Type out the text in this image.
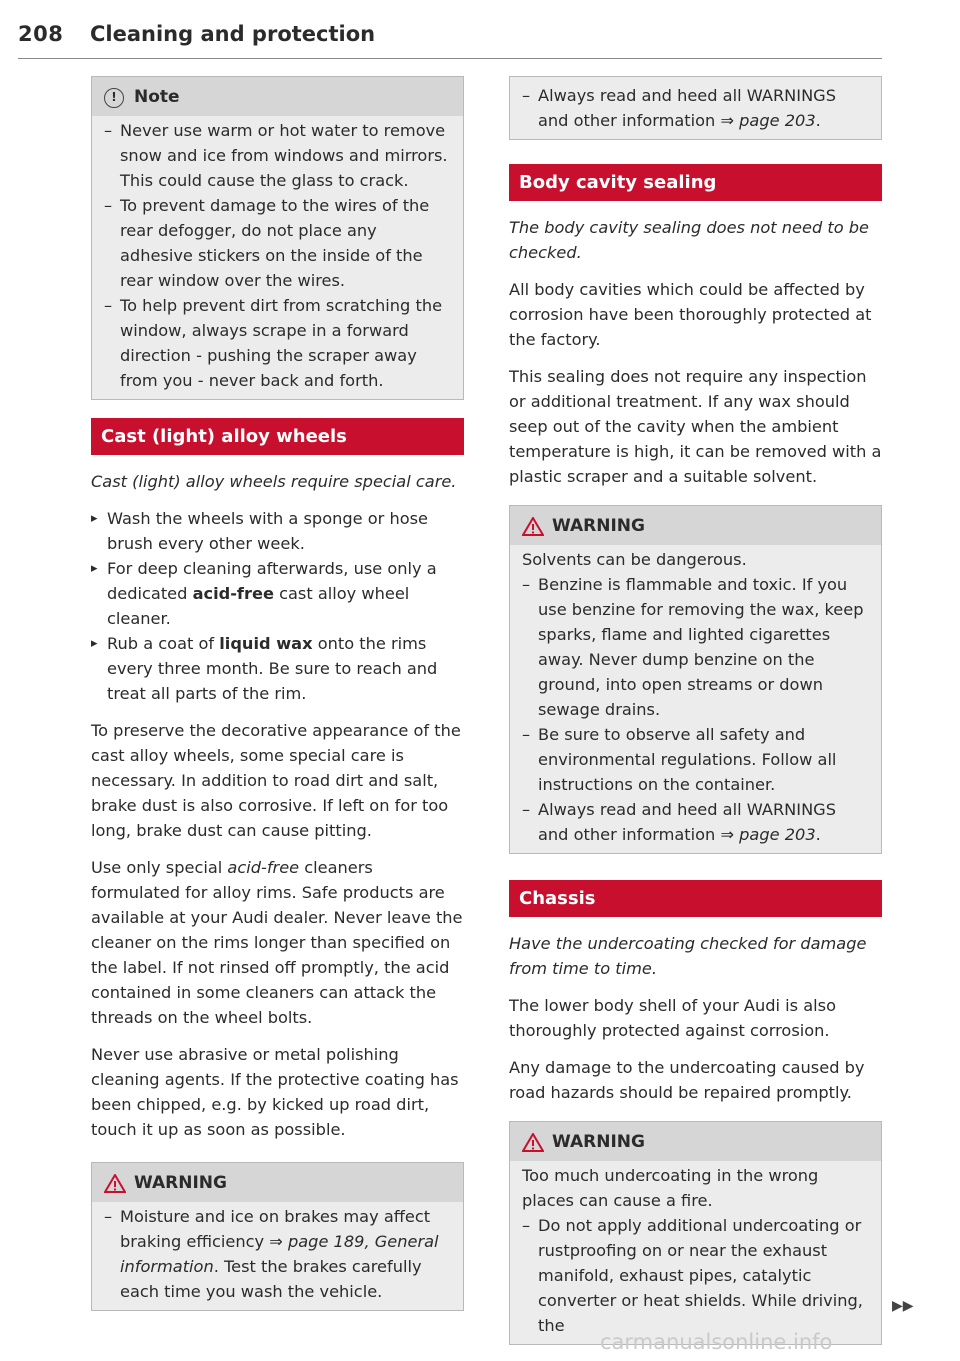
208 Cleaning and protection
!	Note
– Never use warm or hot water to remove snow and ice from windows and mirrors. This could cause the glass to crack.
– To prevent damage to the wires of the rear defogger, do not place any adhesive stickers on the inside of the rear window over the wires.
– To help prevent dirt from scratching the window, always scrape in a forward direction - pushing the scraper away from you - never back and forth.
Cast (light) alloy wheels

Cast (light) alloy wheels require special care.

▸ Wash the wheels with a sponge or hose brush every other week.
▸ For deep cleaning afterwards, use only a dedicated acid-free cast alloy wheel cleaner.
▸ Rub a coat of liquid wax onto the rims every three month. Be sure to reach and treat all parts of the rim.

To preserve the decorative appearance of the cast alloy wheels, some special care is necessary. In addition to road dirt and salt, brake dust is also corrosive. If left on for too long, brake dust can cause pitting.

Use only special acid-free cleaners formulated for alloy rims. Safe products are available at your Audi dealer. Never leave the cleaner on the rims longer than specified on the label. If not rinsed off promptly, the acid contained in some cleaners can attack the threads on the wheel bolts.

Never use abrasive or metal polishing cleaning agents. If the protective coating has been chipped, e.g. by kicked up road dirt, touch it up as soon as possible.

WARNING
– Moisture and ice on brakes may affect braking efficiency ⇒ page 189, General information. Test the brakes carefully each time you wash the vehicle.
– Always read and heed all WARNINGS and other information ⇒ page 203.
Body cavity sealing

The body cavity sealing does not need to be checked.

All body cavities which could be affected by corrosion have been thoroughly protected at the factory.

This sealing does not require any inspection or additional treatment. If any wax should seep out of the cavity when the ambient temperature is high, it can be removed with a plastic scraper and a suitable solvent.

WARNING
Solvents can be dangerous.
– Benzine is flammable and toxic. If you use benzine for removing the wax, keep sparks, flame and lighted cigarettes away. Never dump benzine on the ground, into open streams or down sewage drains.
– Be sure to observe all safety and environmental regulations. Follow all instructions on the container.
– Always read and heed all WARNINGS and other information ⇒ page 203.
Chassis

Have the undercoating checked for damage from time to time.

The lower body shell of your Audi is also thoroughly protected against corrosion.

Any damage to the undercoating caused by road hazards should be repaired promptly.

WARNING
Too much undercoating in the wrong places can cause a fire.
– Do not apply additional undercoating or rustproofing on or near the exhaust manifold, exhaust pipes, catalytic converter or heat shields. While driving, the
▶▶
carmanualsonline.info
